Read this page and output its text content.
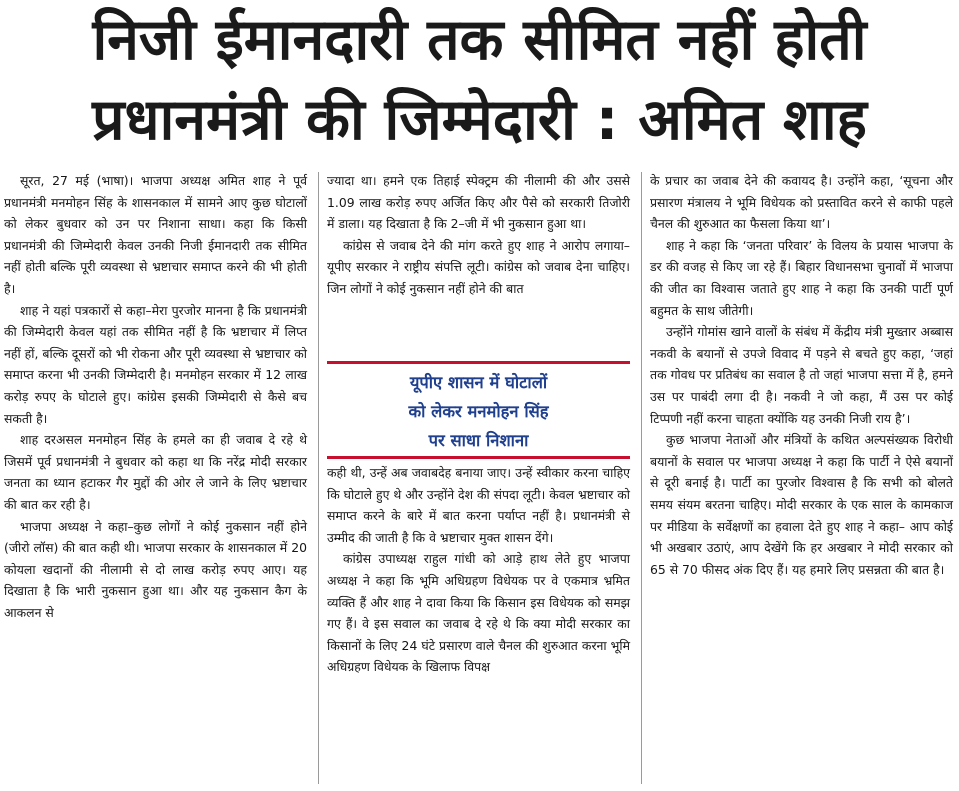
निजी ईमानदारी तक सीमित नहीं होती
प्रधानमंत्री की जिम्मेदारी : अमित शाह

सूरत, 27 मई (भाषा)। भाजपा अध्यक्ष अमित शाह ने पूर्व प्रधानमंत्री मनमोहन सिंह के शासनकाल में सामने आए कुछ घोटालों को लेकर बुधवार को उन पर निशाना साधा। कहा कि किसी प्रधानमंत्री की जिम्मेदारी केवल उनकी निजी ईमानदारी तक सीमित नहीं होती बल्कि पूरी व्यवस्था से भ्रष्टाचार समाप्त करने की भी होती है।

शाह ने यहां पत्रकारों से कहा–मेरा पुरजोर मानना है कि प्रधानमंत्री की जिम्मेदारी केवल यहां तक सीमित नहीं है कि भ्रष्टाचार में लिप्त नहीं हों, बल्कि दूसरों को भी रोकना और पूरी व्यवस्था से भ्रष्टाचार को समाप्त करना भी उनकी जिम्मेदारी है। मनमोहन सरकार में 12 लाख करोड़ रुपए के घोटाले हुए। कांग्रेस इसकी जिम्मेदारी से कैसे बच सकती है।

शाह दरअसल मनमोहन सिंह के हमले का ही जवाब दे रहे थे जिसमें पूर्व प्रधानमंत्री ने बुधवार को कहा था कि नरेंद्र मोदी सरकार जनता का ध्यान हटाकर गैर मुद्दों की ओर ले जाने के लिए भ्रष्टाचार की बात कर रही है।

भाजपा अध्यक्ष ने कहा–कुछ लोगों ने कोई नुकसान नहीं होने (जीरो लॉस) की बात कही थी। भाजपा सरकार के शासनकाल में 20 कोयला खदानों की नीलामी से दो लाख करोड़ रुपए आए। यह दिखाता है कि भारी नुकसान हुआ था। और यह नुकसान कैग के आकलन से

ज्यादा था। हमने एक तिहाई स्पेक्ट्रम की नीलामी की और उससे 1.09 लाख करोड़ रुपए अर्जित किए और पैसे को सरकारी तिजोरी में डाला। यह दिखाता है कि 2–जी में भी नुकसान हुआ था।

कांग्रेस से जवाब देने की मांग करते हुए शाह ने आरोप लगाया–यूपीए सरकार ने राष्ट्रीय संपत्ति लूटी। कांग्रेस को जवाब देना चाहिए। जिन लोगों ने कोई नुकसान नहीं होने की बात

यूपीए शासन में घोटालों
को लेकर मनमोहन सिंह
पर साधा निशाना

कही थी, उन्हें अब जवाबदेह बनाया जाए। उन्हें स्वीकार करना चाहिए कि घोटाले हुए थे और उन्होंने देश की संपदा लूटी। केवल भ्रष्टाचार को समाप्त करने के बारे में बात करना पर्याप्त नहीं है। प्रधानमंत्री से उम्मीद की जाती है कि वे भ्रष्टाचार मुक्त शासन देंगे।

कांग्रेस उपाध्यक्ष राहुल गांधी को आड़े हाथ लेते हुए भाजपा अध्यक्ष ने कहा कि भूमि अधिग्रहण विधेयक पर वे एकमात्र भ्रमित व्यक्ति हैं और शाह ने दावा किया कि किसान इस विधेयक को समझ गए हैं। वे इस सवाल का जवाब दे रहे थे कि क्या मोदी सरकार का किसानों के लिए 24 घंटे प्रसारण वाले चैनल की शुरुआत करना भूमि अधिग्रहण विधेयक के खिलाफ विपक्ष

के प्रचार का जवाब देने की कवायद है। उन्होंने कहा, ‘सूचना और प्रसारण मंत्रालय ने भूमि विधेयक को प्रस्तावित करने से काफी पहले चैनल की शुरुआत का फैसला किया था’।

शाह ने कहा कि ‘जनता परिवार’ के विलय के प्रयास भाजपा के डर की वजह से किए जा रहे हैं। बिहार विधानसभा चुनावों में भाजपा की जीत का विश्वास जताते हुए शाह ने कहा कि उनकी पार्टी पूर्ण बहुमत के साथ जीतेगी।

उन्होंने गोमांस खाने वालों के संबंध में केंद्रीय मंत्री मुख्तार अब्बास नकवी के बयानों से उपजे विवाद में पड़ने से बचते हुए कहा, ‘जहां तक गोवध पर प्रतिबंध का सवाल है तो जहां भाजपा सत्ता में है, हमने उस पर पाबंदी लगा दी है। नकवी ने जो कहा, मैं उस पर कोई टिप्पणी नहीं करना चाहता क्योंकि यह उनकी निजी राय है’।

कुछ भाजपा नेताओं और मंत्रियों के कथित अल्पसंख्यक विरोधी बयानों के सवाल पर भाजपा अध्यक्ष ने कहा कि पार्टी ने ऐसे बयानों से दूरी बनाई है। पार्टी का पुरजोर विश्वास है कि सभी को बोलते समय संयम बरतना चाहिए। मोदी सरकार के एक साल के कामकाज पर मीडिया के सर्वेक्षणों का हवाला देते हुए शाह ने कहा– आप कोई भी अखबार उठाएं, आप देखेंगे कि हर अखबार ने मोदी सरकार को 65 से 70 फीसद अंक दिए हैं। यह हमारे लिए प्रसन्नता की बात है।
